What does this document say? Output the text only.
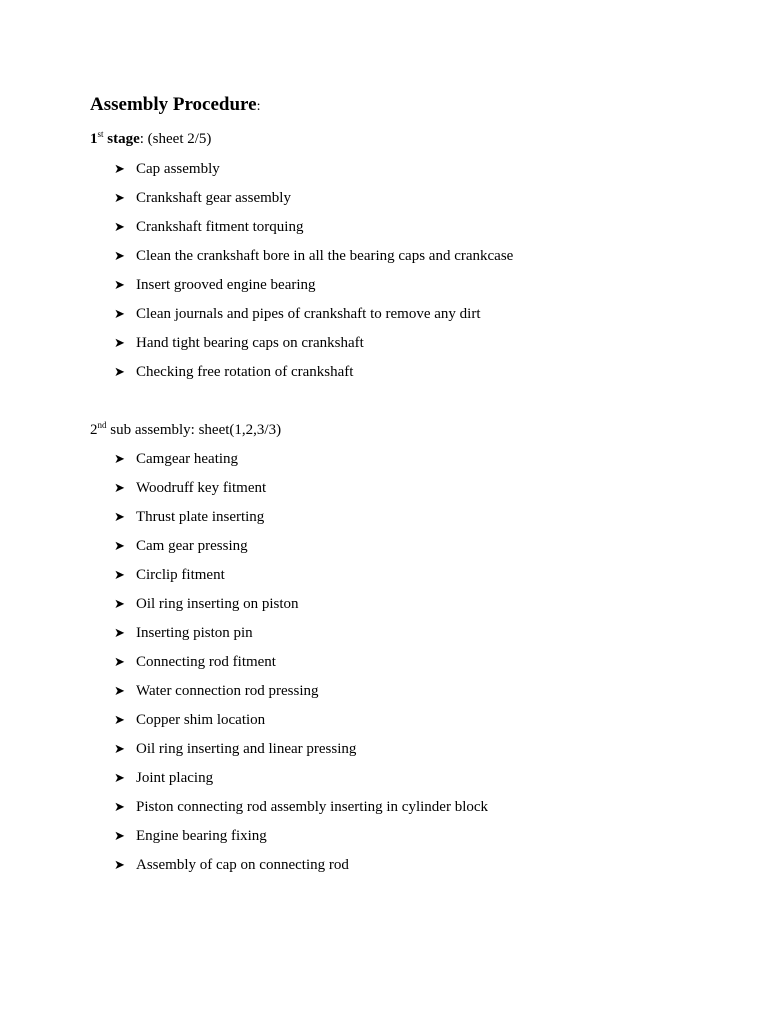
Assembly Procedure:
1st stage: (sheet 2/5)
➤ Cap assembly
➤ Crankshaft gear assembly
➤ Crankshaft fitment torquing
➤ Clean the crankshaft bore in all the bearing caps and crankcase
➤ Insert grooved engine bearing
➤ Clean journals and pipes of crankshaft to remove any dirt
➤ Hand tight bearing caps on crankshaft
➤ Checking free rotation of crankshaft
2nd sub assembly: sheet(1,2,3/3)
➤ Camgear heating
➤ Woodruff key fitment
➤ Thrust plate inserting
➤ Cam gear pressing
➤ Circlip fitment
➤ Oil ring inserting on piston
➤ Inserting piston pin
➤ Connecting rod fitment
➤ Water connection rod pressing
➤ Copper shim location
➤ Oil ring inserting and linear pressing
➤ Joint placing
➤ Piston connecting rod assembly inserting in cylinder block
➤ Engine bearing fixing
➤ Assembly of cap on connecting rod
